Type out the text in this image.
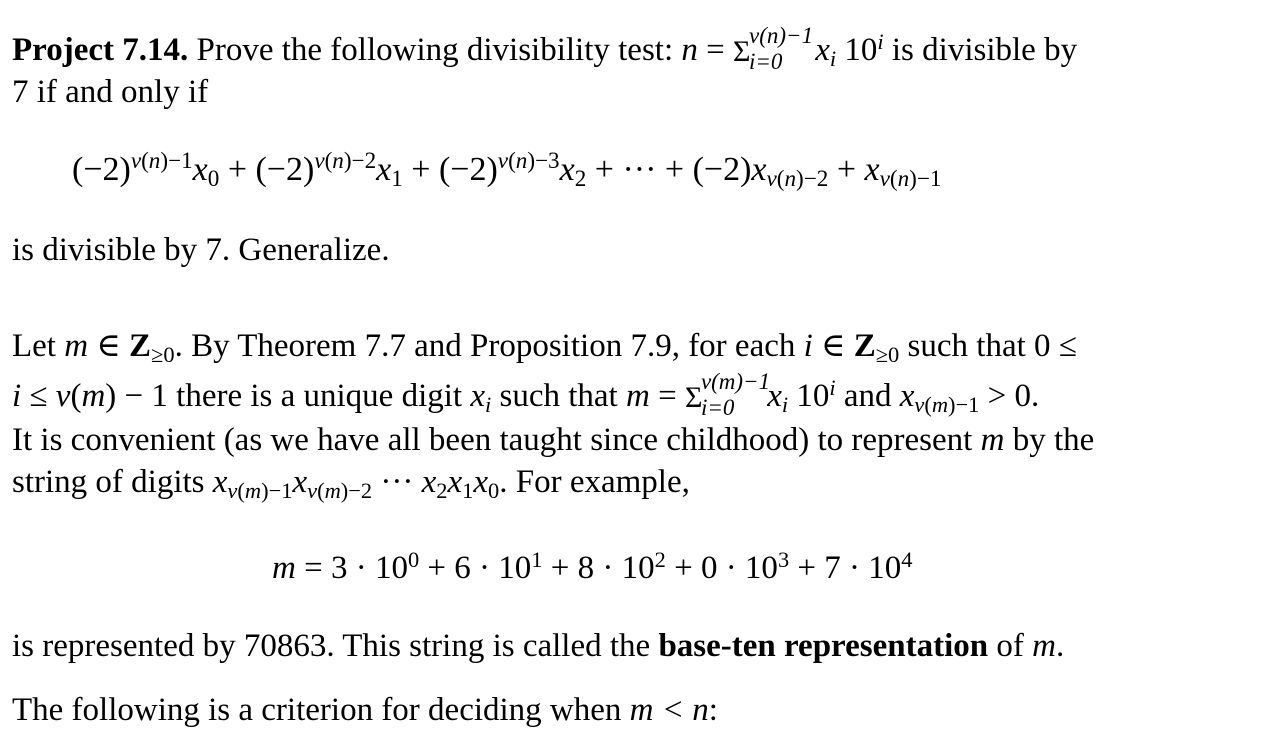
Project 7.14. Prove the following divisibility test: n = Σ
ν(n)−1
i=0 $x_i$ 10$^i$ is divisible by
7 if and only if
$(-2)^{\nu(n)-1}x_0 + (-2)^{\nu(n)-2}x_1 + (-2)^{\nu(n)-3}x_2$ + ··· + $(-2)x_{\nu(n)-2} + x_{\nu(n)-1}$
is divisible by 7. Generalize.
Let m ∈ $Z_{\ge 0}$. By Theorem 7.7 and Proposition 7.9, for each i ∈ $Z_{\ge 0}$ such that 0 ≤
i ≤ ν(m) − 1 there is a unique digit $x_i$ such that m = Σ
ν(m)−1
i=0 $x_i$ 10$^i$ and $x_{\nu(m)-1} > 0$.
It is convenient (as we have all been taught since childhood) to represent m by the
string of digits $x_{\nu(m)-1}x_{\nu(m)-2}$ ··· $x_2x_1x_0$. For example,
$m = 3 \cdot 10^0 + 6 \cdot 10^1 + 8 \cdot 10^2 + 0 \cdot 10^3 + 7 \cdot 10^4$
is represented by 70863. This string is called the base-ten representation of m.
The following is a criterion for deciding when m < n:
